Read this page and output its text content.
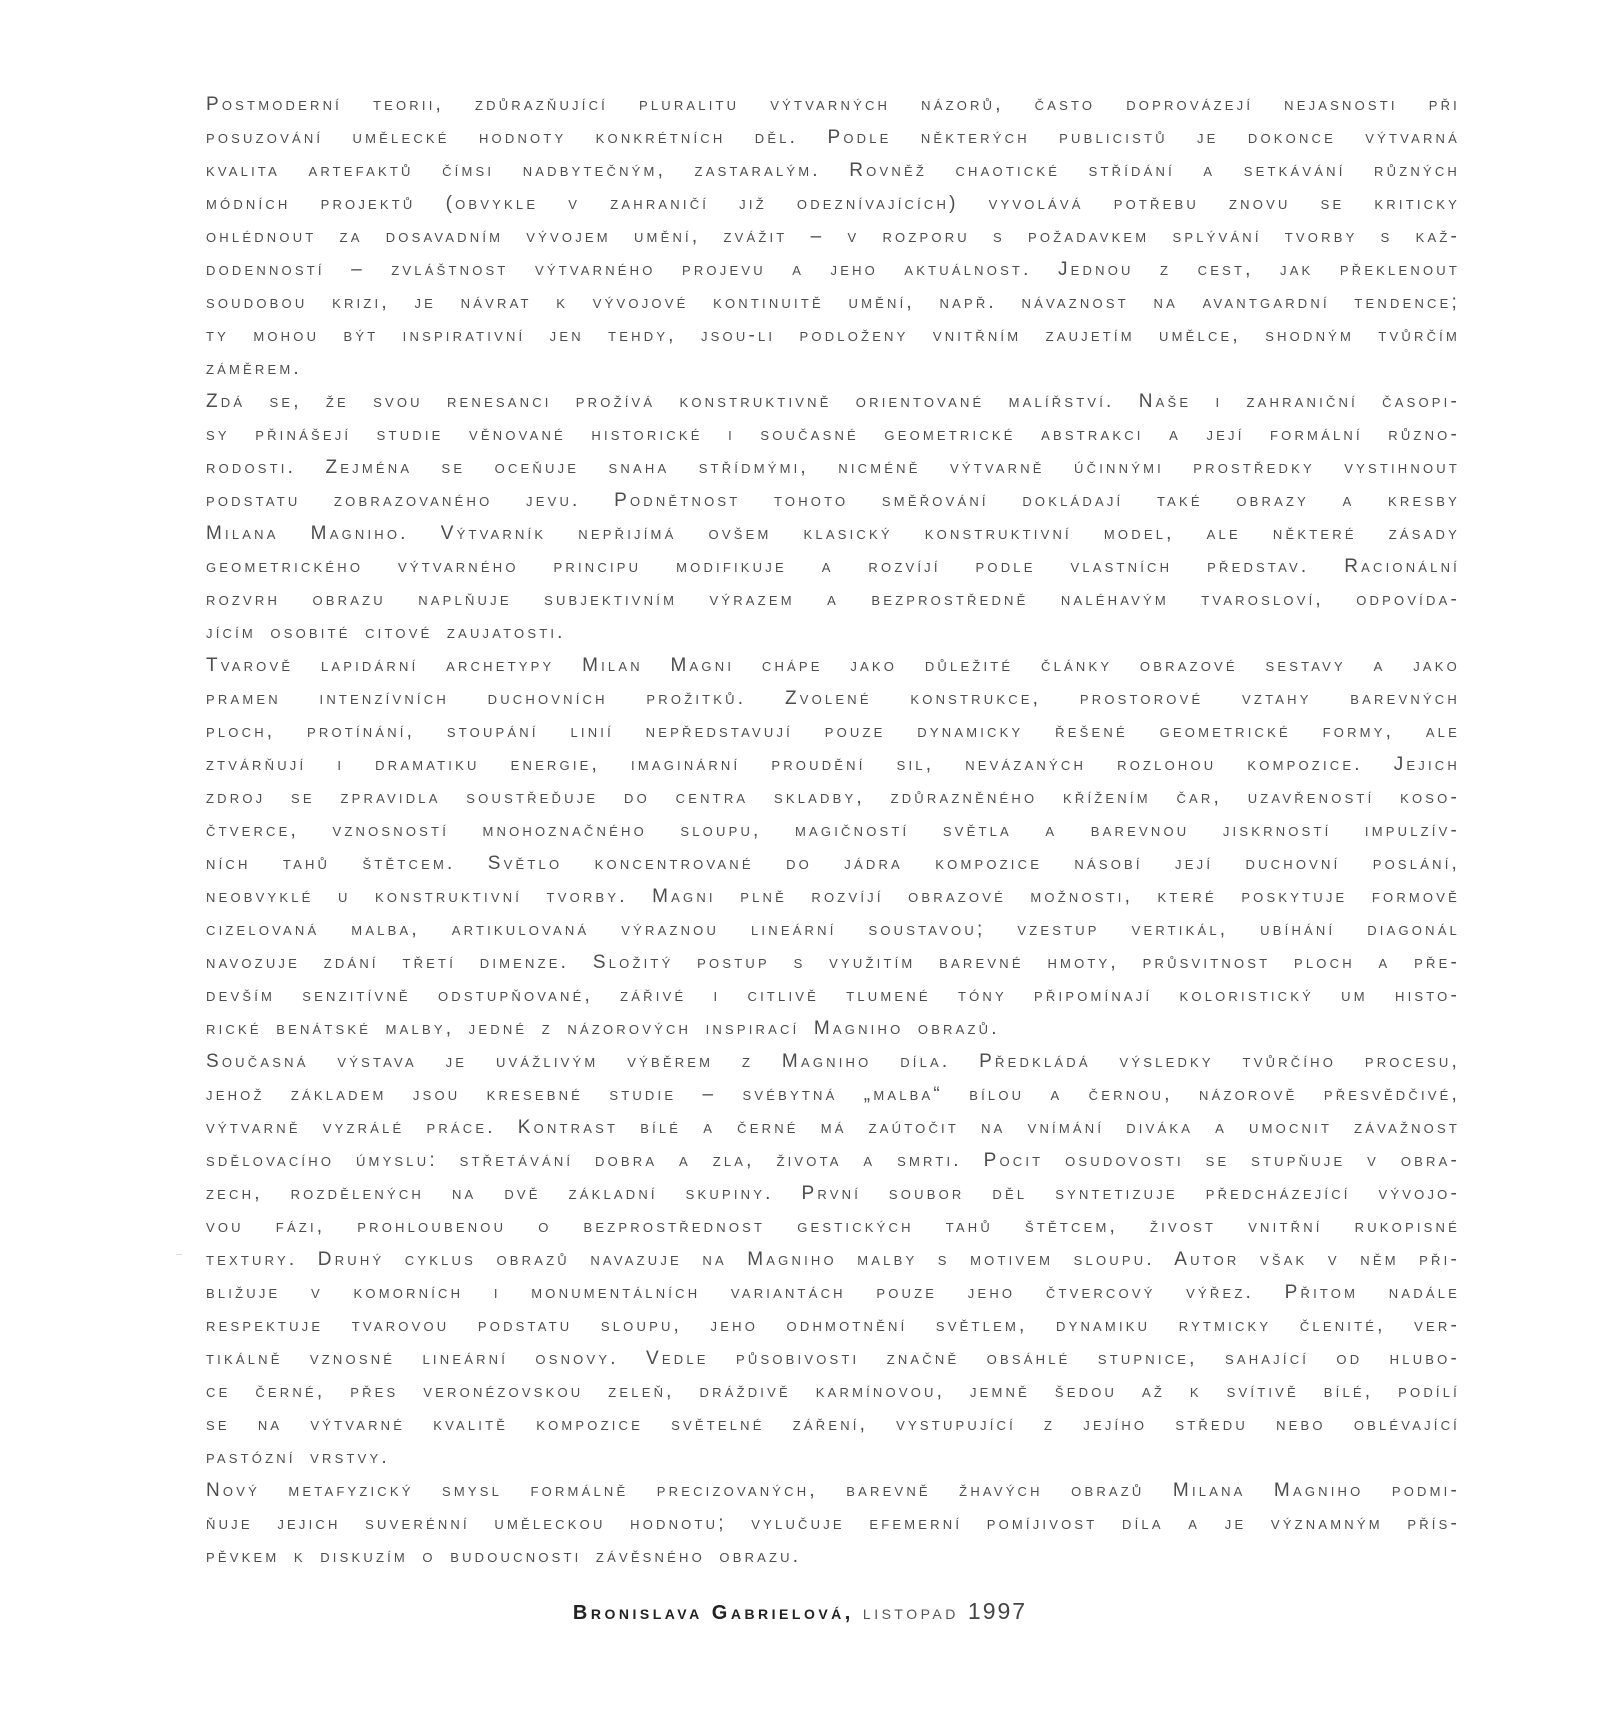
Postmoderní teorii, zdůrazňující pluralitu výtvarných názorů, často doprovázejí nejasnosti při
posuzování umělecké hodnoty konkrétních děl. Podle některých publicistů je dokonce výtvarná
kvalita artefaktů čímsi nadbytečným, zastaralým. Rovněž chaotické střídání a setkávání různých
módních projektů (obvykle v zahraničí již odeznívajících) vyvolává potřebu znovu se kriticky
ohlédnout za dosavadním vývojem umění, zvážit – v rozporu s požadavkem splývání tvorby s kaž-
dodenností – zvláštnost výtvarného projevu a jeho aktuálnost. Jednou z cest, jak překlenout
soudobou krizi, je návrat k vývojové kontinuitě umění, např. návaznost na avantgardní tendence;
ty mohou být inspirativní jen tehdy, jsou-li podloženy vnitřním zaujetím umělce, shodným tvůrčím
záměrem.
Zdá se, že svou renesanci prožívá konstruktivně orientované malířství. Naše i zahraniční časopi-
sy přinášejí studie věnované historické i současné geometrické abstrakci a její formální různo-
rodosti. Zejména se oceňuje snaha střídmými, nicméně výtvarně účinnými prostředky vystihnout
podstatu zobrazovaného jevu. Podnětnost tohoto směřování dokládají také obrazy a kresby
Milana Magniho. Výtvarník nepřijímá ovšem klasický konstruktivní model, ale některé zásady
geometrického výtvarného principu modifikuje a rozvíjí podle vlastních představ. Racionální
rozvrh obrazu naplňuje subjektivním výrazem a bezprostředně naléhavým tvarosloví, odpovída-
jícím osobité citové zaujatosti.
Tvarově lapidární archetypy Milan Magni chápe jako důležité články obrazové sestavy a jako
pramen intenzívních duchovních prožitků. Zvolené konstrukce, prostorové vztahy barevných
ploch, protínání, stoupání linií nepředstavují pouze dynamicky řešené geometrické formy, ale
ztvárňují i dramatiku energie, imaginární proudění sil, nevázaných rozlohou kompozice. Jejich
zdroj se zpravidla soustřeďuje do centra skladby, zdůrazněného křížením čar, uzavřeností koso-
čtverce, vznosností mnohoznačného sloupu, magičností světla a barevnou jiskrností impulzív-
ních tahů štětcem. Světlo koncentrované do jádra kompozice násobí její duchovní poslání,
neobvyklé u konstruktivní tvorby. Magni plně rozvíjí obrazové možnosti, které poskytuje formově
cizelovaná malba, artikulovaná výraznou lineární soustavou; vzestup vertikál, ubíhání diagonál
navozuje zdání třetí dimenze. Složitý postup s využitím barevné hmoty, průsvitnost ploch a pře-
devším senzitívně odstupňované, zářivé i citlivě tlumené tóny připomínají koloristický um histo-
rické benátské malby, jedné z názorových inspirací Magniho obrazů.
Současná výstava je uvážlivým výběrem z Magniho díla. Předkládá výsledky tvůrčího procesu,
jehož základem jsou kresebné studie – svébytná „malba“ bílou a černou, názorově přesvědčivé,
výtvarně vyzrálé práce. Kontrast bílé a černé má zaútočit na vnímání diváka a umocnit závažnost
sdělovacího úmyslu: střetávání dobra a zla, života a smrti. Pocit osudovosti se stupňuje v obra-
zech, rozdělených na dvě základní skupiny. První soubor děl syntetizuje předcházející vývojo-
vou fázi, prohloubenou o bezprostřednost gestických tahů štětcem, živost vnitřní rukopisné
textury. Druhý cyklus obrazů navazuje na Magniho malby s motivem sloupu. Autor však v něm při-
bližuje v komorních i monumentálních variantách pouze jeho čtvercový výřez. Přitom nadále
respektuje tvarovou podstatu sloupu, jeho odhmotnění světlem, dynamiku rytmicky členité, ver-
tikálně vznosné lineární osnovy. Vedle působivosti značně obsáhlé stupnice, sahající od hlubo-
ce černé, přes veronézovskou zeleň, dráždivě karmínovou, jemně šedou až k svítivě bílé, podílí
se na výtvarné kvalitě kompozice světelné záření, vystupující z jejího středu nebo oblévající
pastózní vrstvy.
Nový metafyzický smysl formálně precizovaných, barevně žhavých obrazů Milana Magniho podmi-
ňuje jejich suverénní uměleckou hodnotu; vylučuje efemerní pomíjivost díla a je významným přís-
pěvkem k diskuzím o budoucnosti závěsného obrazu.
Bronislava Gabrielová, listopad 1997
